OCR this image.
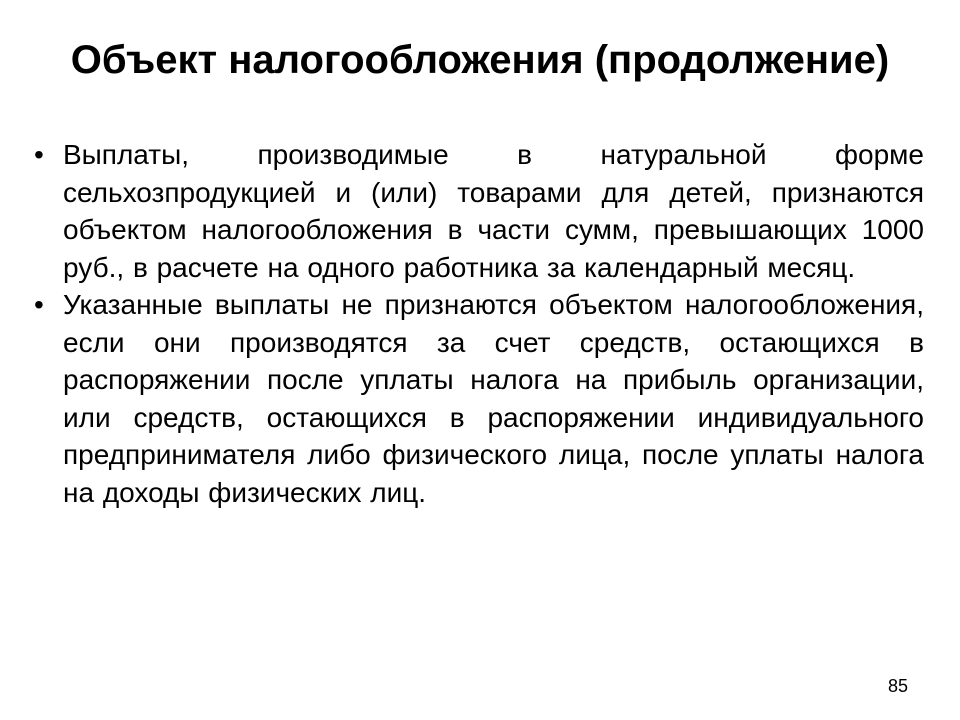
Объект налогообложения (продолжение)
• Выплаты, производимые в натуральной форме сельхозпродукцией и (или) товарами для детей, признаются объектом налогообложения в части сумм, превышающих 1000 руб., в расчете на одного работника за календарный месяц.

• Указанные выплаты не признаются объектом налогообложения, если они производятся за счет средств, остающихся в распоряжении после уплаты налога на прибыль организации, или средств, остающихся в распоряжении индивидуального предпринимателя либо физического лица, после уплаты налога на доходы физических лиц.

85
